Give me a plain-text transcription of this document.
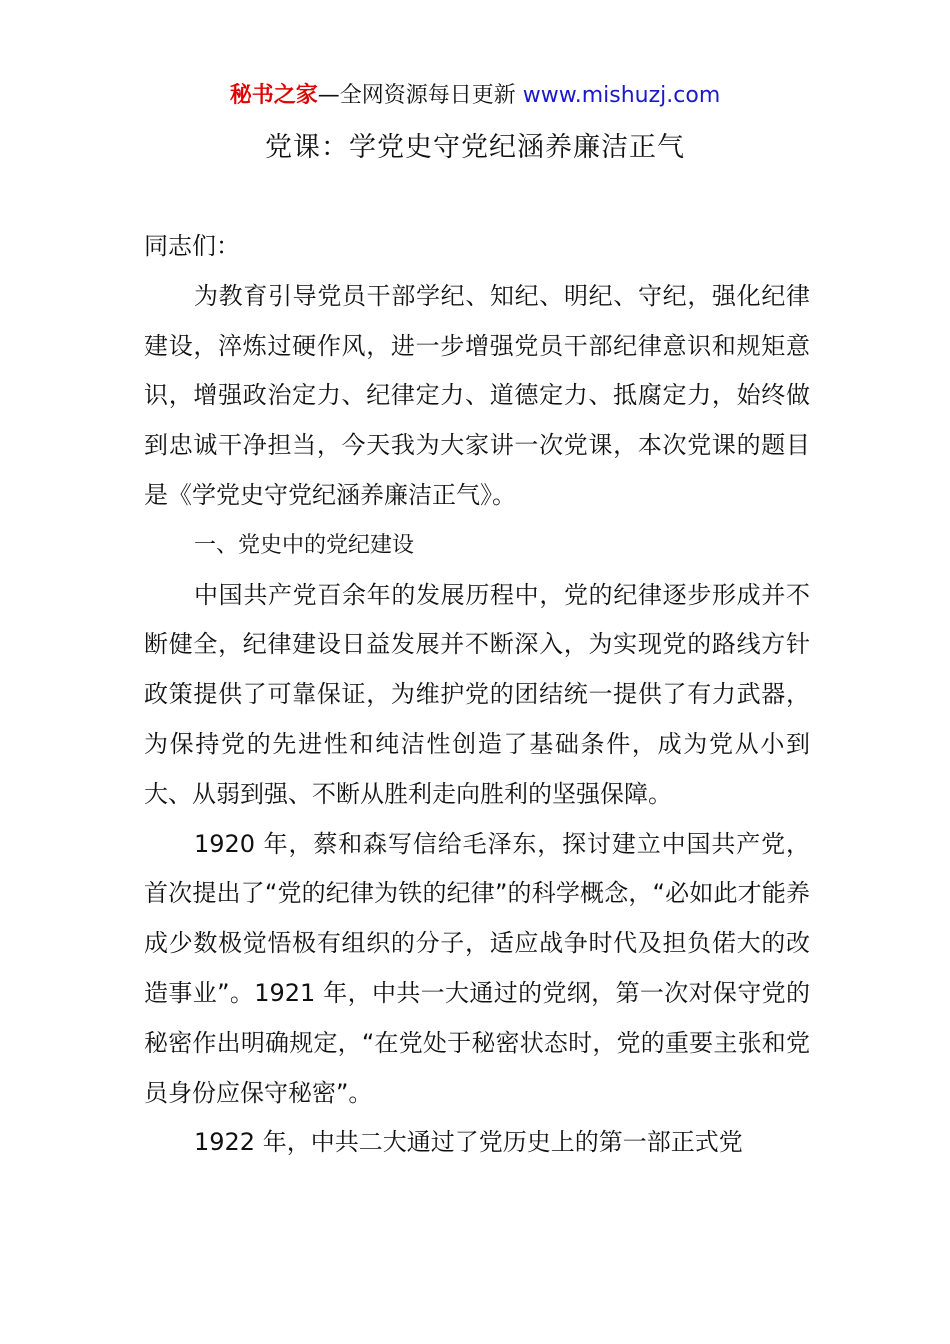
秘书之家—全网资源每日更新 www.mishuzj.com
党课：学党史守党纪涵养廉洁正气

同志们：

为教育引导党员干部学纪、知纪、明纪、守纪，强化纪律建设，淬炼过硬作风，进一步增强党员干部纪律意识和规矩意识，增强政治定力、纪律定力、道德定力、抵腐定力，始终做到忠诚干净担当，今天我为大家讲一次党课，本次党课的题目是《学党史守党纪涵养廉洁正气》。

一、党史中的党纪建设

中国共产党百余年的发展历程中，党的纪律逐步形成并不断健全，纪律建设日益发展并不断深入，为实现党的路线方针政策提供了可靠保证，为维护党的团结统一提供了有力武器，为保持党的先进性和纯洁性创造了基础条件，成为党从小到大、从弱到强、不断从胜利走向胜利的坚强保障。

1920 年，蔡和森写信给毛泽东，探讨建立中国共产党，首次提出了“党的纪律为铁的纪律”的科学概念，“必如此才能养成少数极觉悟极有组织的分子，适应战争时代及担负偌大的改造事业”。1921 年，中共一大通过的党纲，第一次对保守党的秘密作出明确规定，“在党处于秘密状态时，党的重要主张和党员身份应保守秘密”。

1922 年，中共二大通过了党历史上的第一部正式党
